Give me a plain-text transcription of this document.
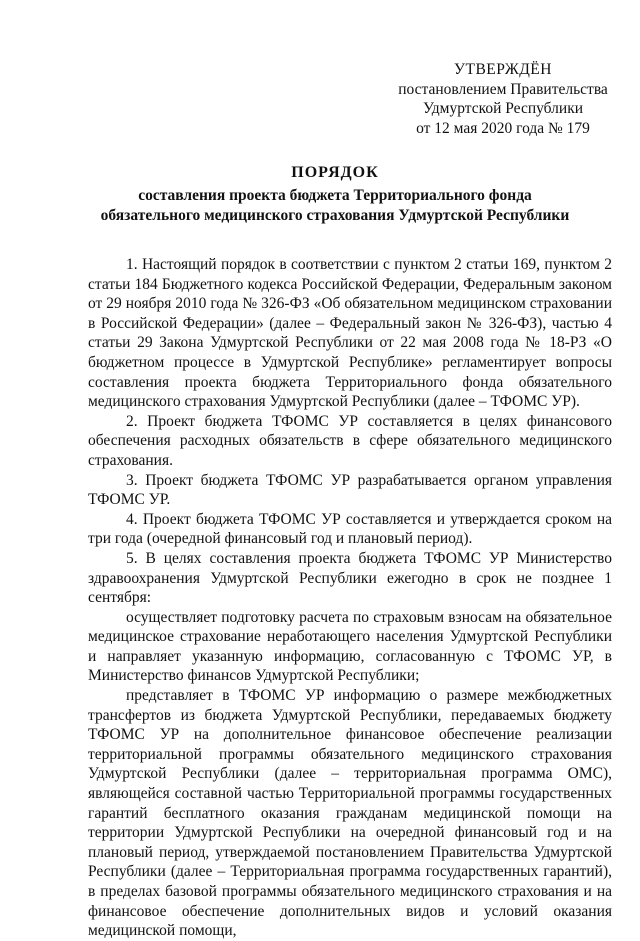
УТВЕРЖДЁН
постановлением Правительства
Удмуртской Республики
от 12 мая 2020 года № 179
ПОРЯДОК
составления проекта бюджета Территориального фонда
обязательного медицинского страхования Удмуртской Республики

1. Настоящий порядок в соответствии с пунктом 2 статьи 169, пунктом 2 статьи 184 Бюджетного кодекса Российской Федерации, Федеральным законом от 29 ноября 2010 года № 326-ФЗ «Об обязательном медицинском страховании в Российской Федерации» (далее – Федеральный закон № 326-ФЗ), частью 4 статьи 29 Закона Удмуртской Республики от 22 мая 2008 года № 18-РЗ «О бюджетном процессе в Удмуртской Республике» регламентирует вопросы составления проекта бюджета Территориального фонда обязательного медицинского страхования Удмуртской Республики (далее – ТФОМС УР).

2. Проект бюджета ТФОМС УР составляется в целях финансового обеспечения расходных обязательств в сфере обязательного медицинского страхования.

3. Проект бюджета ТФОМС УР разрабатывается органом управления ТФОМС УР.

4. Проект бюджета ТФОМС УР составляется и утверждается сроком на три года (очередной финансовый год и плановый период).

5. В целях составления проекта бюджета ТФОМС УР Министерство здравоохранения Удмуртской Республики ежегодно в срок не позднее 1 сентября:

осуществляет подготовку расчета по страховым взносам на обязательное медицинское страхование неработающего населения Удмуртской Республики и направляет указанную информацию, согласованную с ТФОМС УР, в Министерство финансов Удмуртской Республики;

представляет в ТФОМС УР информацию о размере межбюджетных трансфертов из бюджета Удмуртской Республики, передаваемых бюджету ТФОМС УР на дополнительное финансовое обеспечение реализации территориальной программы обязательного медицинского страхования Удмуртской Республики (далее – территориальная программа ОМС), являющейся составной частью Территориальной программы государственных гарантий бесплатного оказания гражданам медицинской помощи на территории Удмуртской Республики на очередной финансовый год и на плановый период, утверждаемой постановлением Правительства Удмуртской Республики (далее – Территориальная программа государственных гарантий), в пределах базовой программы обязательного медицинского страхования и на финансовое обеспечение дополнительных видов и условий оказания медицинской помощи,
